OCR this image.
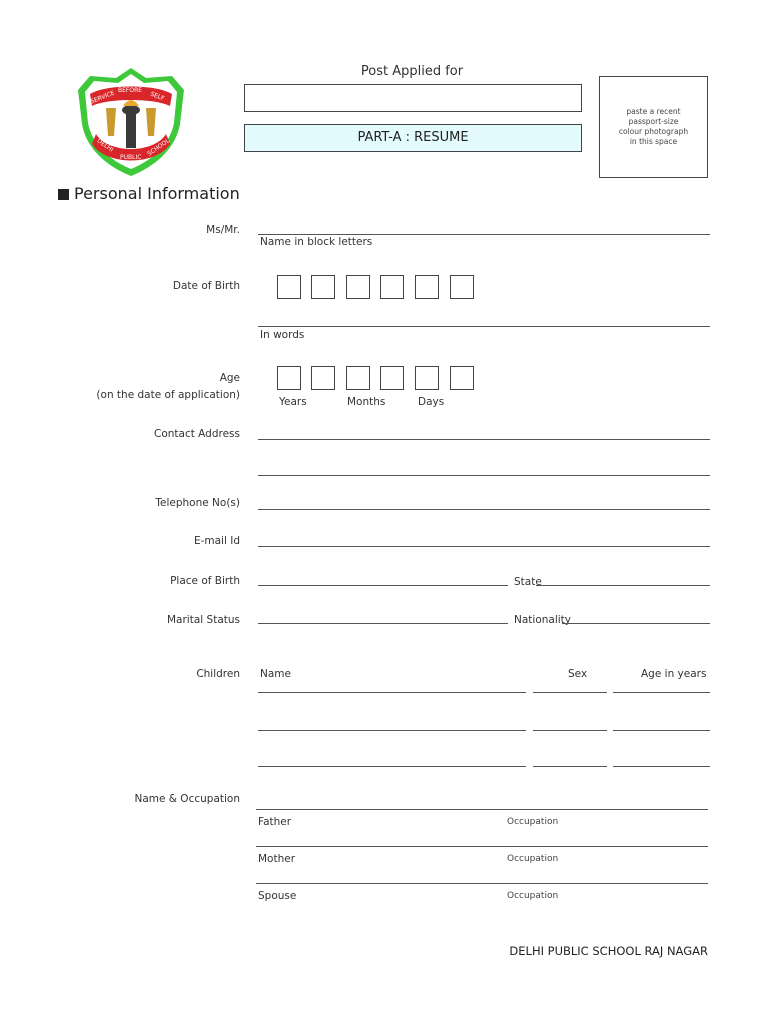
SERVICE BEFORE
SELF
DELHI
PUBLIC SCHOOL
Post Applied for
PART-A : RESUME
paste a recent
passport-size
colour photograph
in this space
Personal Information
Ms/Mr.
Name in block letters
Date of Birth
In words
Age
(on the date of application)
Years	Months	Days
Contact Address
Telephone No(s)
E-mail Id
Place of Birth	State
Marital Status	Nationality
Children Name	Sex	Age in years
Name & Occupation
Father	Occupation
Mother	Occupation
Spouse	Occupation
DELHI PUBLIC SCHOOL RAJ NAGAR
